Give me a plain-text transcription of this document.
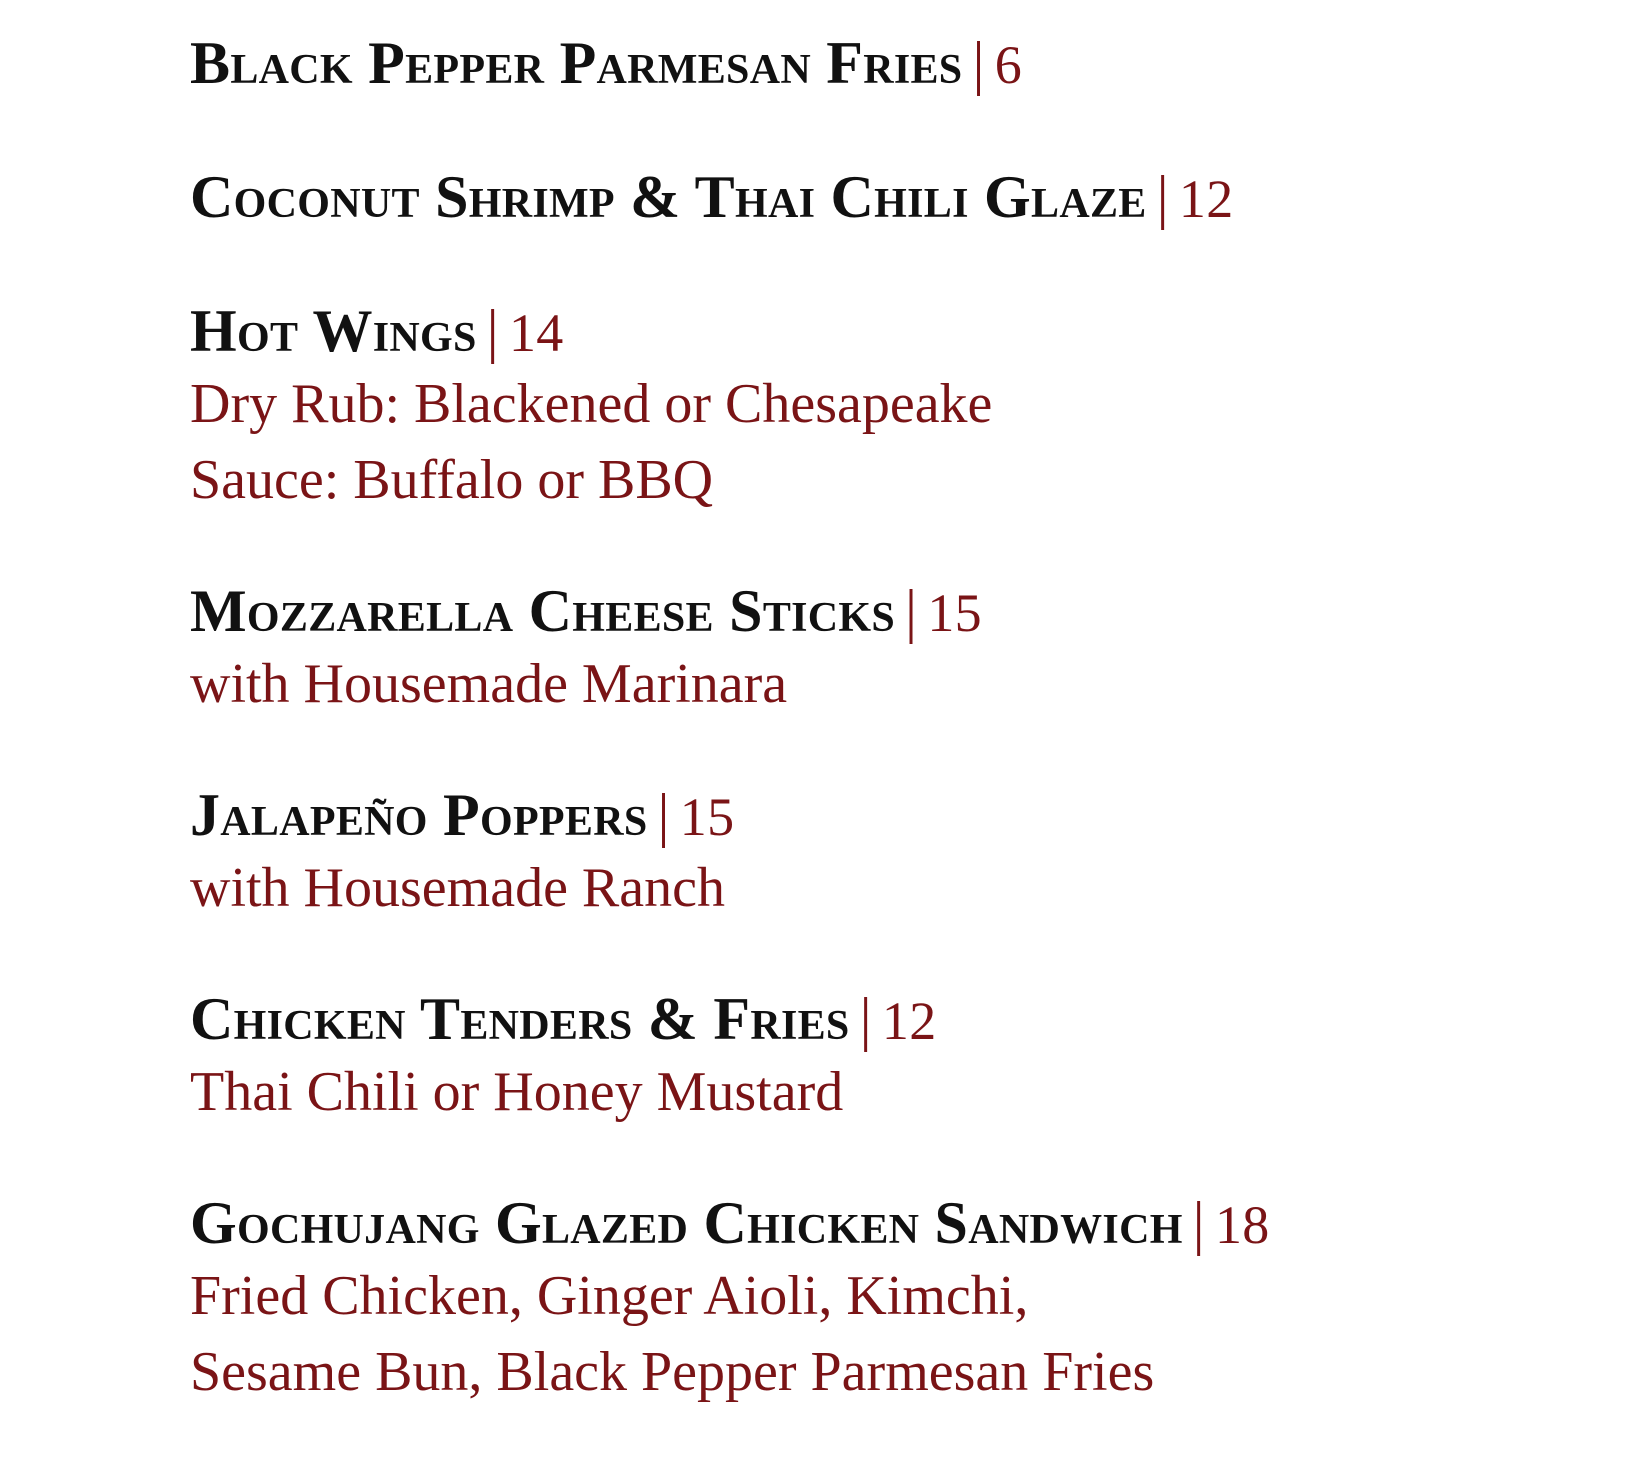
Black Pepper Parmesan Fries | 6
Coconut Shrimp & Thai Chili Glaze | 12
Hot Wings | 14
Dry Rub: Blackened or Chesapeake
Sauce: Buffalo or BBQ
Mozzarella Cheese Sticks | 15
with Housemade Marinara
Jalapeño Poppers | 15
with Housemade Ranch
Chicken Tenders & Fries | 12
Thai Chili or Honey Mustard
Gochujang Glazed Chicken Sandwich | 18
Fried Chicken, Ginger Aioli, Kimchi,
Sesame Bun, Black Pepper Parmesan Fries
